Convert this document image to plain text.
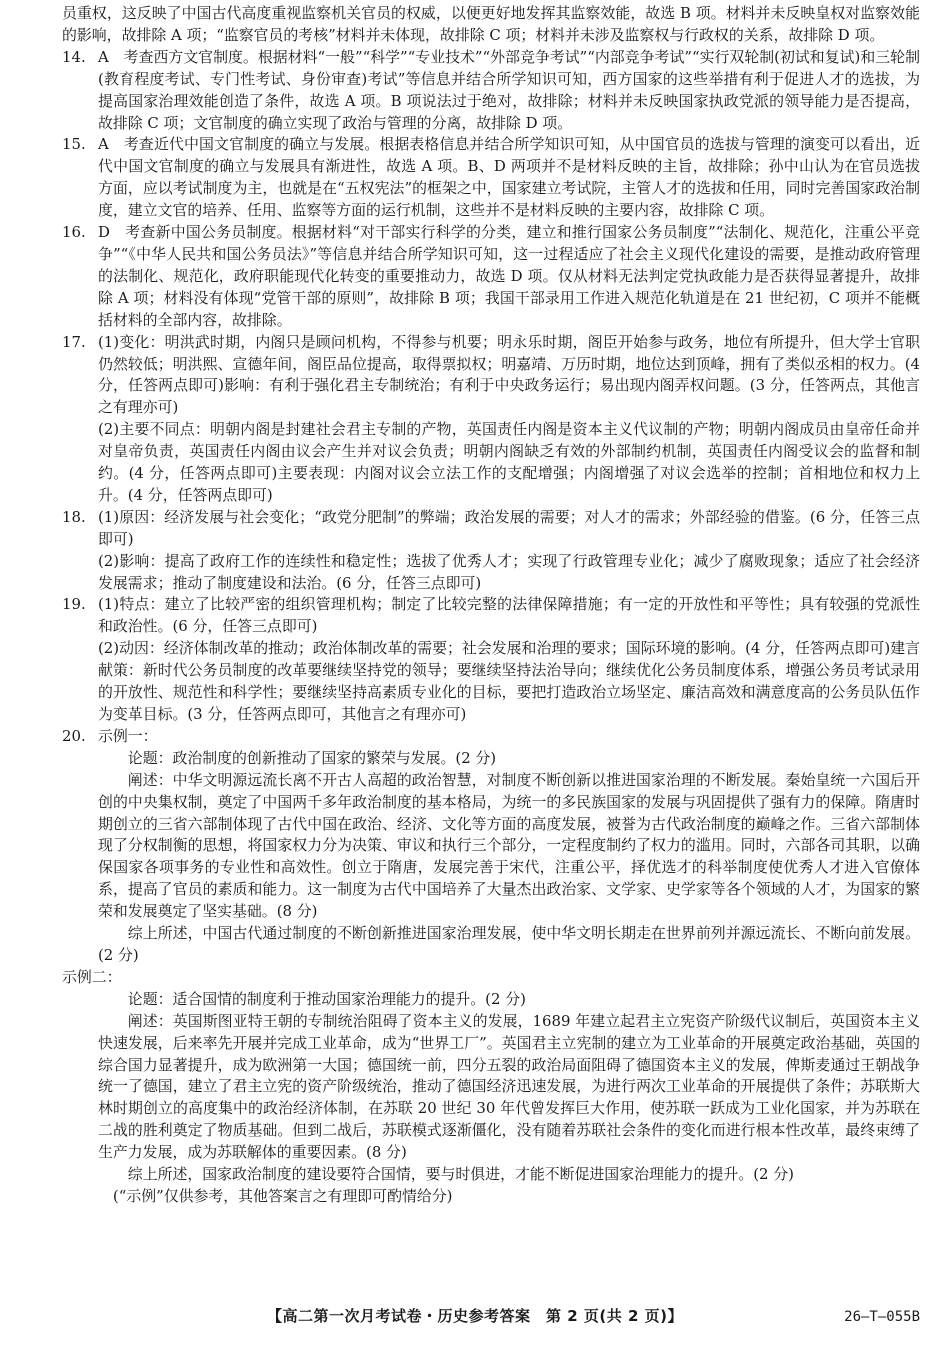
员重权，这反映了中国古代高度重视监察机关官员的权威，以便更好地发挥其监察效能，故选 B 项。材料并未反映皇权对监察效能的影响，故排除 A 项；“监察官员的考核”材料并未体现，故排除 C 项；材料并未涉及监察权与行政权的关系，故排除 D 项。

14. A　考查西方文官制度。根据材料“一般”“科学”“专业技术”“外部竞争考试”“内部竞争考试”“实行双轮制(初试和复试)和三轮制(教育程度考试、专门性考试、身份审查)考试”等信息并结合所学知识可知，西方国家的这些举措有利于促进人才的选拔，为提高国家治理效能创造了条件，故选 A 项。B 项说法过于绝对，故排除；材料并未反映国家执政党派的领导能力是否提高，故排除 C 项；文官制度的确立实现了政治与管理的分离，故排除 D 项。
15. A　考查近代中国文官制度的确立与发展。根据表格信息并结合所学知识可知，从中国官员的选拔与管理的演变可以看出，近代中国文官制度的确立与发展具有渐进性，故选 A 项。B、D 两项并不是材料反映的主旨，故排除；孙中山认为在官员选拔方面，应以考试制度为主，也就是在“五权宪法”的框架之中，国家建立考试院，主管人才的选拔和任用，同时完善国家政治制度，建立文官的培养、任用、监察等方面的运行机制，这些并不是材料反映的主要内容，故排除 C 项。
16. D　考查新中国公务员制度。根据材料“对干部实行科学的分类，建立和推行国家公务员制度”“法制化、规范化，注重公平竞争”“《中华人民共和国公务员法》”等信息并结合所学知识可知，这一过程适应了社会主义现代化建设的需要，是推动政府管理的法制化、规范化，政府职能现代化转变的重要推动力，故选 D 项。仅从材料无法判定党执政能力是否获得显著提升，故排除 A 项；材料没有体现“党管干部的原则”，故排除 B 项；我国干部录用工作进入规范化轨道是在 21 世纪初，C 项并不能概括材料的全部内容，故排除。
17. (1)变化：明洪武时期，内阁只是顾问机构，不得参与机要；明永乐时期，阁臣开始参与政务，地位有所提升，但大学士官职仍然较低；明洪熙、宣德年间，阁臣品位提高，取得票拟权；明嘉靖、万历时期，地位达到顶峰，拥有了类似丞相的权力。(4 分，任答两点即可)影响：有利于强化君主专制统治；有利于中央政务运行；易出现内阁弄权问题。(3 分，任答两点，其他言之有理亦可)

(2)主要不同点：明朝内阁是封建社会君主专制的产物，英国责任内阁是资本主义代议制的产物；明朝内阁成员由皇帝任命并对皇帝负责，英国责任内阁由议会产生并对议会负责；明朝内阁缺乏有效的外部制约机制，英国责任内阁受议会的监督和制约。(4 分，任答两点即可)主要表现：内阁对议会立法工作的支配增强；内阁增强了对议会选举的控制；首相地位和权力上升。(4 分，任答两点即可)

18. (1)原因：经济发展与社会变化；“政党分肥制”的弊端；政治发展的需要；对人才的需求；外部经验的借鉴。(6 分，任答三点即可)

(2)影响：提高了政府工作的连续性和稳定性；选拔了优秀人才；实现了行政管理专业化；减少了腐败现象；适应了社会经济发展需求；推动了制度建设和法治。(6 分，任答三点即可)

19. (1)特点：建立了比较严密的组织管理机构；制定了比较完整的法律保障措施；有一定的开放性和平等性；具有较强的党派性和政治性。(6 分，任答三点即可)

(2)动因：经济体制改革的推动；政治体制改革的需要；社会发展和治理的要求；国际环境的影响。(4 分，任答两点即可)建言献策：新时代公务员制度的改革要继续坚持党的领导；要继续坚持法治导向；继续优化公务员制度体系，增强公务员考试录用的开放性、规范性和科学性；要继续坚持高素质专业化的目标，要把打造政治立场坚定、廉洁高效和满意度高的公务员队伍作为变革目标。(3 分，任答两点即可，其他言之有理亦可)

20. 示例一：

论题：政治制度的创新推动了国家的繁荣与发展。(2 分)

阐述：中华文明源远流长离不开古人高超的政治智慧，对制度不断创新以推进国家治理的不断发展。秦始皇统一六国后开创的中央集权制，奠定了中国两千多年政治制度的基本格局，为统一的多民族国家的发展与巩固提供了强有力的保障。隋唐时期创立的三省六部制体现了古代中国在政治、经济、文化等方面的高度发展，被誉为古代政治制度的巅峰之作。三省六部制体现了分权制衡的思想，将国家权力分为决策、审议和执行三个部分，一定程度制约了权力的滥用。同时，六部各司其职，以确保国家各项事务的专业性和高效性。创立于隋唐，发展完善于宋代，注重公平，择优选才的科举制度使优秀人才进入官僚体系，提高了官员的素质和能力。这一制度为古代中国培养了大量杰出政治家、文学家、史学家等各个领域的人才，为国家的繁荣和发展奠定了坚实基础。(8 分)

综上所述，中国古代通过制度的不断创新推进国家治理发展，使中华文明长期走在世界前列并源远流长、不断向前发展。(2 分)

示例二：

论题：适合国情的制度利于推动国家治理能力的提升。(2 分)

阐述：英国斯图亚特王朝的专制统治阻碍了资本主义的发展，1689 年建立起君主立宪资产阶级代议制后，英国资本主义快速发展，后来率先开展并完成工业革命，成为“世界工厂”。英国君主立宪制的建立为工业革命的开展奠定政治基础，英国的综合国力显著提升，成为欧洲第一大国；德国统一前，四分五裂的政治局面阻碍了德国资本主义的发展，俾斯麦通过王朝战争统一了德国，建立了君主立宪的资产阶级统治，推动了德国经济迅速发展，为进行两次工业革命的开展提供了条件；苏联斯大林时期创立的高度集中的政治经济体制，在苏联 20 世纪 30 年代曾发挥巨大作用，使苏联一跃成为工业化国家，并为苏联在二战的胜利奠定了物质基础。但到二战后，苏联模式逐渐僵化，没有随着苏联社会条件的变化而进行根本性改革，最终束缚了生产力发展，成为苏联解体的重要因素。(8 分)

综上所述，国家政治制度的建设要符合国情，要与时俱进，才能不断促进国家治理能力的提升。(2 分)

(“示例”仅供参考，其他答案言之有理即可酌情给分)

【高二第一次月考试卷・历史参考答案　第 2 页(共 2 页)】	26—T—055B
